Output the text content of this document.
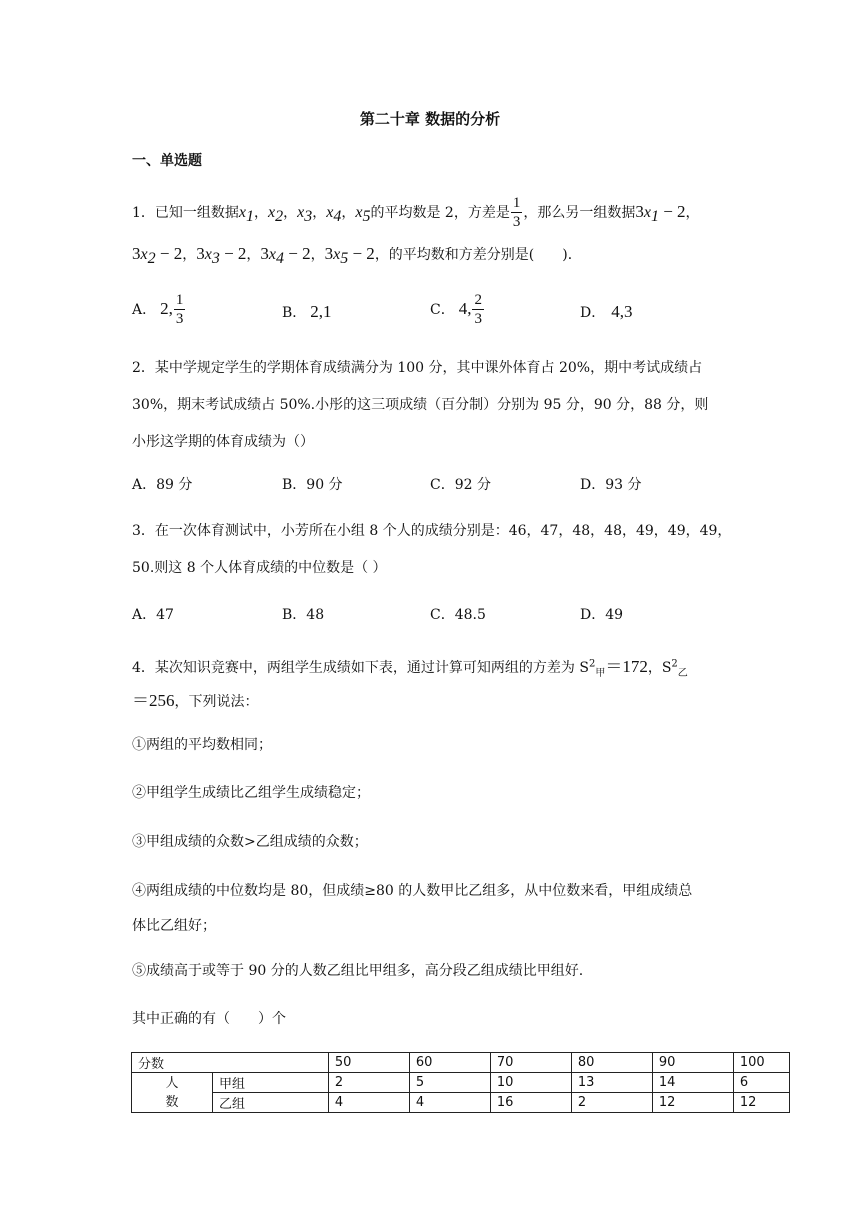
第二十章 数据的分析
一、单选题
1．已知一组数据$x_1$，$x_2$，$x_3$，$x_4$，$x_5$的平均数是 2，方差是 $\frac{1}{3}$ ，那么另一组数据$3x_1 - 2$，
$3x_2 - 2$，$3x_3 - 2$，$3x_4 - 2$，$3x_5 - 2$，的平均数和方差分别是(　　)．
A． 2, $\frac{1}{3}$	B． 2,1	C． 4, $\frac{2}{3}$	D． 4,3
2．某中学规定学生的学期体育成绩满分为 100 分，其中课外体育占 20%，期中考试成绩占
30%，期末考试成绩占 50%.小彤的这三项成绩（百分制）分别为 95 分，90 分，88 分，则
小彤这学期的体育成绩为（）
A．89 分	B．90 分	C．92 分	D．93 分
3．在一次体育测试中，小芳所在小组 8 个人的成绩分别是：46，47，48，48，49，49，49，
50.则这 8 个人体育成绩的中位数是（ ）
A．47	B．48	C．48.5	D．49
4．某次知识竞赛中，两组学生成绩如下表，通过计算可知两组的方差为 $S^2_甲=172$，$S^2_乙$
＝256，下列说法：
①两组的平均数相同；
②甲组学生成绩比乙组学生成绩稳定；
③甲组成绩的众数>乙组成绩的众数；
④两组成绩的中位数均是 80，但成绩≥80 的人数甲比乙组多，从中位数来看，甲组成绩总
体比乙组好；
⑤成绩高于或等于 90 分的人数乙组比甲组多，高分段乙组成绩比甲组好.
其中正确的有（　　）个
分数		50	60	70	80	90	100
人
数	甲组	2	5	10	13	14	6
	乙组	4	4	16	2	12	12
